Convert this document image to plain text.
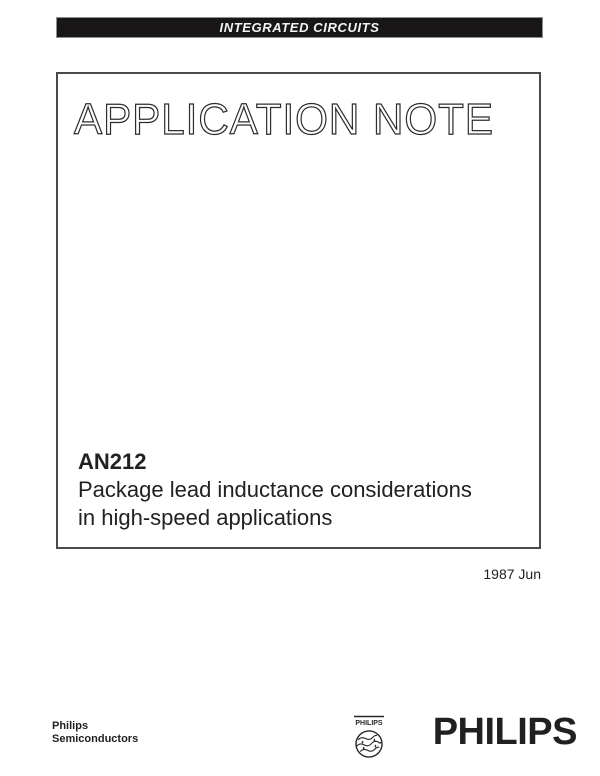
INTEGRATED CIRCUITS
APPLICATION NOTE
AN212
Package lead inductance considerations
in high-speed applications
1987 Jun
Philips
Semiconductors
PHILIPS PHILIPS
